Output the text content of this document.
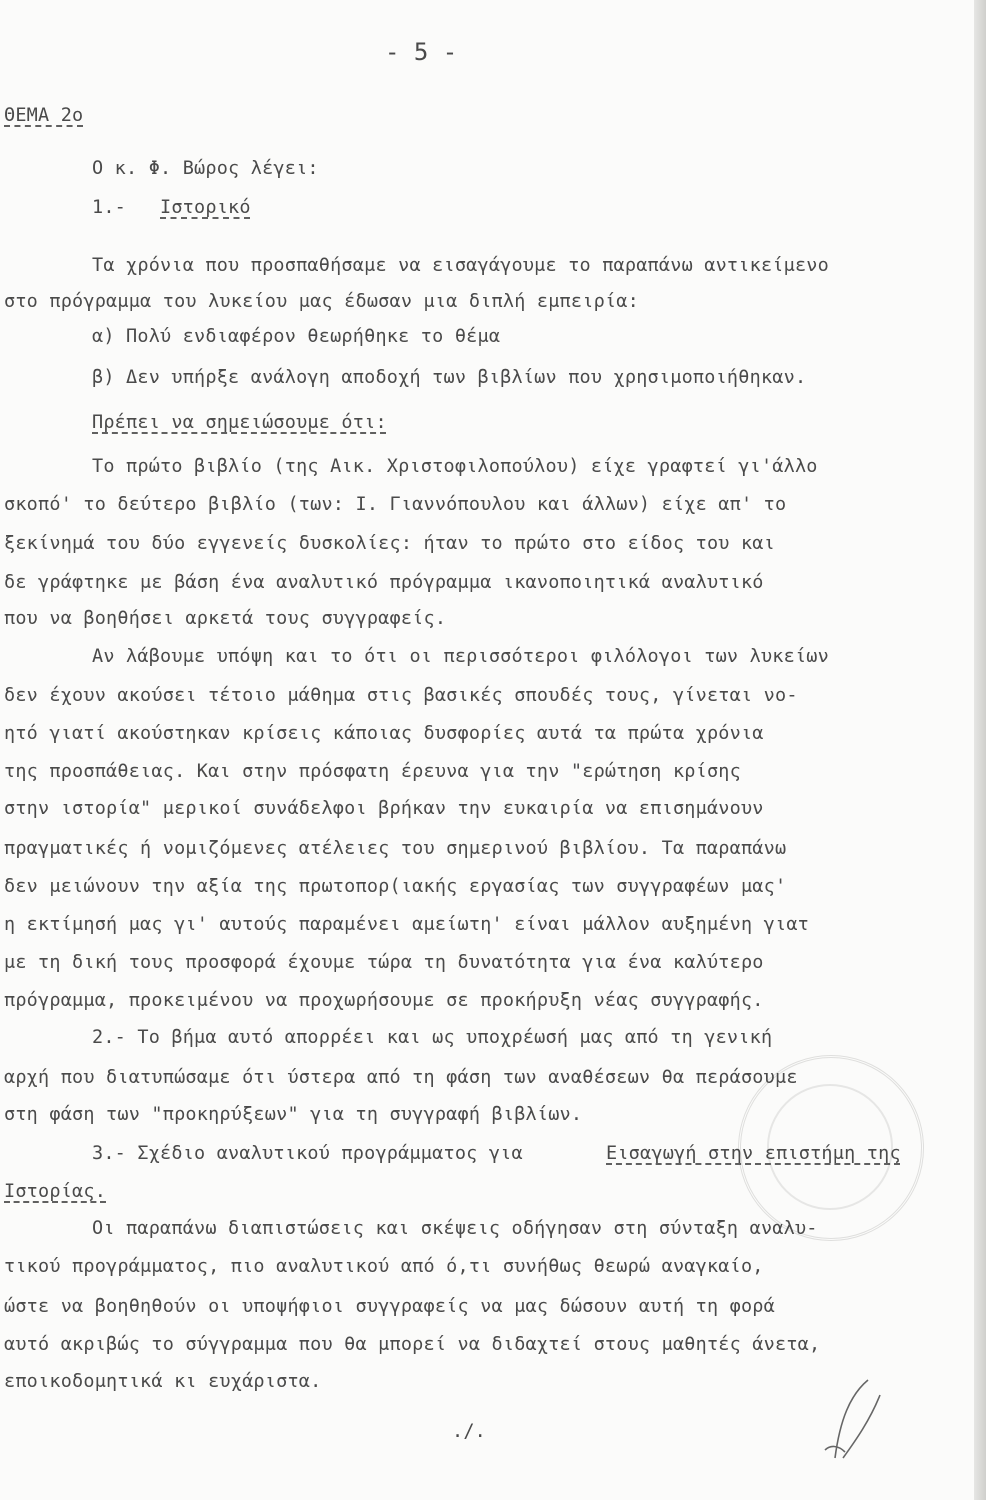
- 5 -
ΘΕΜΑ 2ο
Ο κ. Φ. Βώρος λέγει:
1.- Ιστορικό
Τα χρόνια που προσπαθήσαμε να εισαγάγουμε το παραπάνω αντικείμενο
στο πρόγραμμα του λυκείου μας έδωσαν μια διπλή εμπειρία:
α) Πολύ ενδιαφέρον θεωρήθηκε το θέμα
β) Δεν υπήρξε ανάλογη αποδοχή των βιβλίων που χρησιμοποιήθηκαν.
Πρέπει να σημειώσουμε ότι:
Το πρώτο βιβλίο (της Αικ. Χριστοφιλοπούλου) είχε γραφτεί γι'άλλο
σκοπό' το δεύτερο βιβλίο (των: Ι. Γιαννόπουλου και άλλων) είχε απ' το
ξεκίνημά του δύο εγγενείς δυσκολίες: ήταν το πρώτο στο είδος του και
δε γράφτηκε με βάση ένα αναλυτικό πρόγραμμα ικανοποιητικά αναλυτικό
που να βοηθήσει αρκετά τους συγγραφείς.
Αν λάβουμε υπόψη και το ότι οι περισσότεροι φιλόλογοι των λυκείων
δεν έχουν ακούσει τέτοιο μάθημα στις βασικές σπουδές τους, γίνεται νο-
ητό γιατί ακούστηκαν κρίσεις κάποιας δυσφορίες αυτά τα πρώτα χρόνια
της προσπάθειας. Και στην πρόσφατη έρευνα για την "ερώτηση κρίσης
στην ιστορία" μερικοί συνάδελφοι βρήκαν την ευκαιρία να επισημάνουν
πραγματικές ή νομιζόμενες ατέλειες του σημερινού βιβλίου. Τα παραπάνω
δεν μειώνουν την αξία της πρωτοπορ(ιακής εργασίας των συγγραφέων μας'
η εκτίμησή μας γι' αυτούς παραμένει αμείωτη' είναι μάλλον αυξημένη γιατ
με τη δική τους προσφορά έχουμε τώρα τη δυνατότητα για ένα καλύτερο
πρόγραμμα, προκειμένου να προχωρήσουμε σε προκήρυξη νέας συγγραφής.
2.- Το βήμα αυτό απορρέει και ως υποχρέωσή μας από τη γενική
αρχή που διατυπώσαμε ότι ύστερα από τη φάση των αναθέσεων θα περάσουμε
στη φάση των "προκηρύξεων" για τη συγγραφή βιβλίων.
3.- Σχέδιο αναλυτικού προγράμματος για	Εισαγωγή στην επιστήμη της
Ιστορίας.
Οι παραπάνω διαπιστώσεις και σκέψεις οδήγησαν στη σύνταξη αναλυ-
τικού προγράμματος, πιο αναλυτικού από ό,τι συνήθως θεωρώ αναγκαίο,
ώστε να βοηθηθούν οι υποψήφιοι συγγραφείς να μας δώσουν αυτή τη φορά
αυτό ακριβώς το σύγγραμμα που θα μπορεί να διδαχτεί στους μαθητές άνετα,
εποικοδομητικά κι ευχάριστα.
./.
